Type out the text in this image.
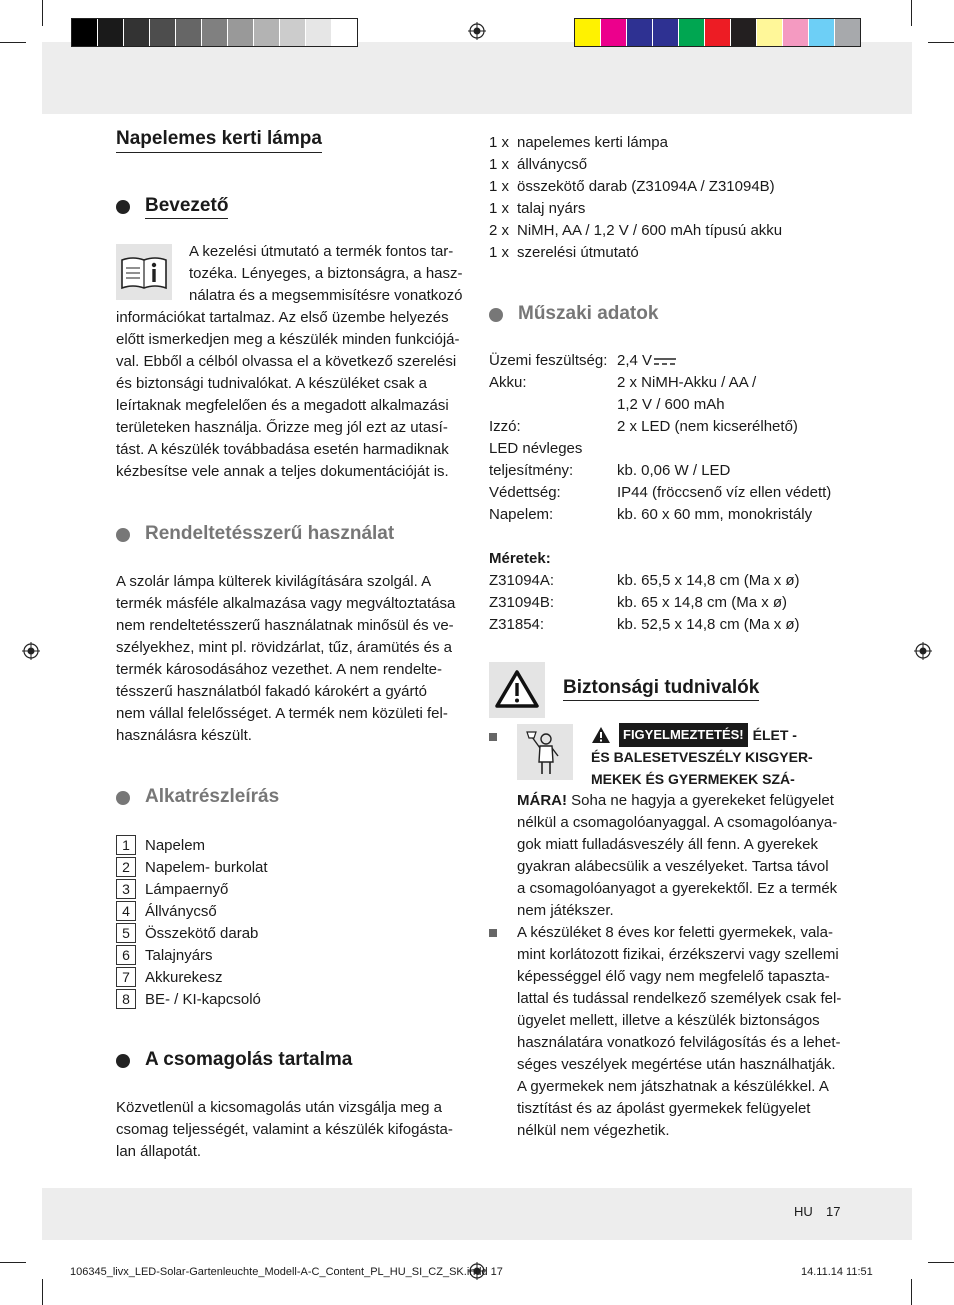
Napelemes kerti lámpa
Bevezető
A kezelési útmutató a termék fontos tar-
tozéka. Lényeges, a biztonságra, a hasz-
nálatra és a megsemmisítésre vonatkozó
információkat tartalmaz. Az első üzembe helyezés
előtt ismerkedjen meg a készülék minden funkciójá-
val. Ebből a célból olvassa el a következő szerelési
és biztonsági tudnivalókat. A készüléket csak a
leírtaknak megfelelően és a megadott alkalmazási
területeken használja. Őrizze meg jól ezt az utasí-
tást. A készülék továbbadása esetén harmadiknak
kézbesítse vele annak a teljes dokumentációját is.
Rendeltetésszerű használat
A szolár lámpa külterek kivilágítására szolgál. A
termék másféle alkalmazása vagy megváltoztatása
nem rendeltetésszerű használatnak minősül és ve-
szélyekhez, mint pl. rövidzárlat, tűz, áramütés és a
termék károsodásához vezethet. A nem rendelte-
tésszerű használatból fakadó károkért a gyártó
nem vállal felelősséget. A termék nem közületi fel-
használásra készült.
Alkatrészleírás
1	Napelem
2	Napelem- burkolat
3	Lámpaernyő
4	Állványcső
5	Összekötő darab
6	Talajnyárs
7	Akkurekesz
8	BE- / KI-kapcsoló
A csomagolás tartalma
Közvetlenül a kicsomagolás után vizsgálja meg a
csomag teljességét, valamint a készülék kifogásta-
lan állapotát.
1 x napelemes kerti lámpa
1 x állványcső
1 x összekötő darab (Z31094A / Z31094B)
1 x talaj nyárs
2 x NiMH, AA / 1,2 V / 600 mAh típusú akku
1 x szerelési útmutató
Műszaki adatok
Üzemi feszültség: 2,4 V
Akku:	2 x NiMH-Akku / AA /
1,2 V / 600 mAh
Izzó:	2 x LED (nem kicserélhető)
LED névleges
teljesítmény:	kb. 0,06 W / LED
Védettség:	IP44 (fröccsenő víz ellen védett)
Napelem:	kb. 60 x 60 mm, monokristály
Méretek:
Z31094A:	kb. 65,5 x 14,8 cm (Ma x ø)
Z31094B:	kb. 65 x 14,8 cm (Ma x ø)
Z31854:	kb. 52,5 x 14,8 cm (Ma x ø)
Biztonsági tudnivalók
FIGYELMEZTETÉS! ÉLET -
ÉS BALESETVESZÉLY KISGYER-
MEKEK ÉS GYERMEKEK SZÁ-
MÁRA! Soha ne hagyja a gyerekeket felügyelet
nélkül a csomagolóanyaggal. A csomagolóanya-
gok miatt fulladásveszély áll fenn. A gyerekek
gyakran alábecsülik a veszélyeket. Tartsa távol
a csomagolóanyagot a gyerekektől. Ez a termék
nem játékszer.
A készüléket 8 éves kor feletti gyermekek, vala-
mint korlátozott fizikai, érzékszervi vagy szellemi
képességgel élő vagy nem megfelelő tapaszta-
lattal és tudással rendelkező személyek csak fel-
ügyelet mellett, illetve a készülék biztonságos
használatára vonatkozó felvilágosítás és a lehet-
séges veszélyek megértése után használhatják.
A gyermekek nem játszhatnak a készülékkel. A
tisztítást és az ápolást gyermekek felügyelet
nélkül nem végezhetik.
HU 17
106345_livx_LED-Solar-Gartenleuchte_Modell-A-C_Content_PL_HU_SI_CZ_SK.indd 17	14.11.14 11:51
